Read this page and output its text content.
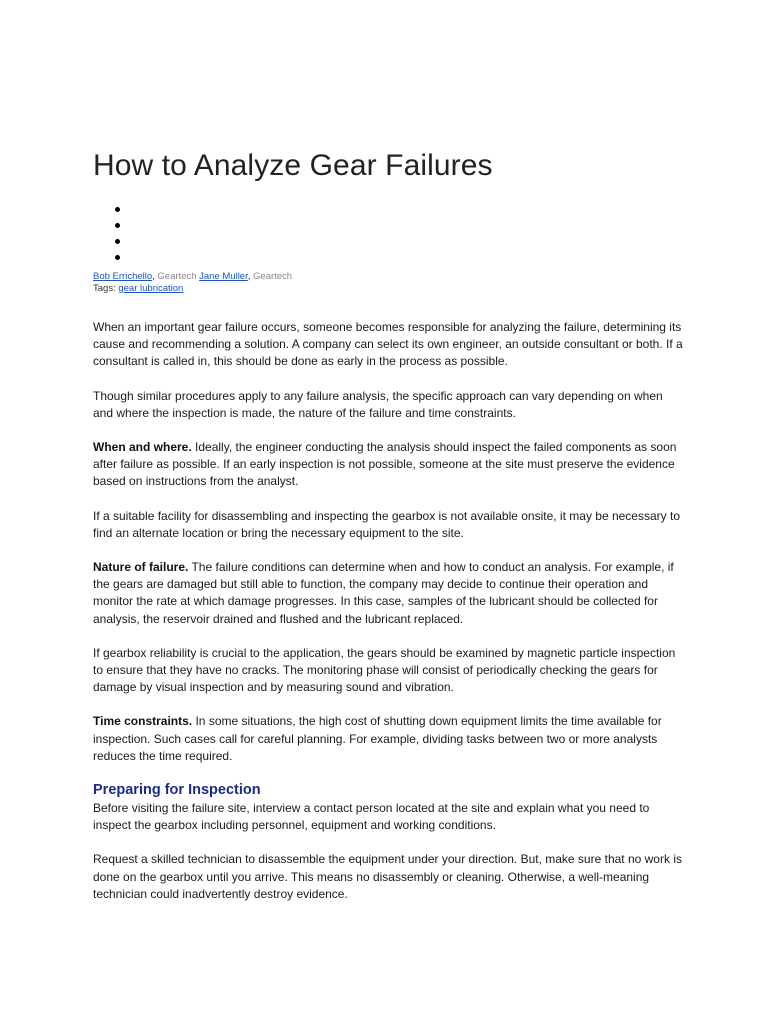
How to Analyze Gear Failures
Bob Errichello, Geartech Jane Muller, Geartech
Tags: gear lubrication

When an important gear failure occurs, someone becomes responsible for analyzing the failure, determining its cause and recommending a solution. A company can select its own engineer, an outside consultant or both. If a consultant is called in, this should be done as early in the process as possible.

Though similar procedures apply to any failure analysis, the specific approach can vary depending on when and where the inspection is made, the nature of the failure and time constraints.

When and where. Ideally, the engineer conducting the analysis should inspect the failed components as soon after failure as possible. If an early inspection is not possible, someone at the site must preserve the evidence based on instructions from the analyst.

If a suitable facility for disassembling and inspecting the gearbox is not available onsite, it may be necessary to find an alternate location or bring the necessary equipment to the site.

Nature of failure. The failure conditions can determine when and how to conduct an analysis. For example, if the gears are damaged but still able to function, the company may decide to continue their operation and monitor the rate at which damage progresses. In this case, samples of the lubricant should be collected for analysis, the reservoir drained and flushed and the lubricant replaced.

If gearbox reliability is crucial to the application, the gears should be examined by magnetic particle inspection to ensure that they have no cracks. The monitoring phase will consist of periodically checking the gears for damage by visual inspection and by measuring sound and vibration.

Time constraints. In some situations, the high cost of shutting down equipment limits the time available for inspection. Such cases call for careful planning. For example, dividing tasks between two or more analysts reduces the time required.

Preparing for Inspection

Before visiting the failure site, interview a contact person located at the site and explain what you need to inspect the gearbox including personnel, equipment and working conditions.

Request a skilled technician to disassemble the equipment under your direction. But, make sure that no work is done on the gearbox until you arrive. This means no disassembly or cleaning. Otherwise, a well-meaning technician could inadvertently destroy evidence.
